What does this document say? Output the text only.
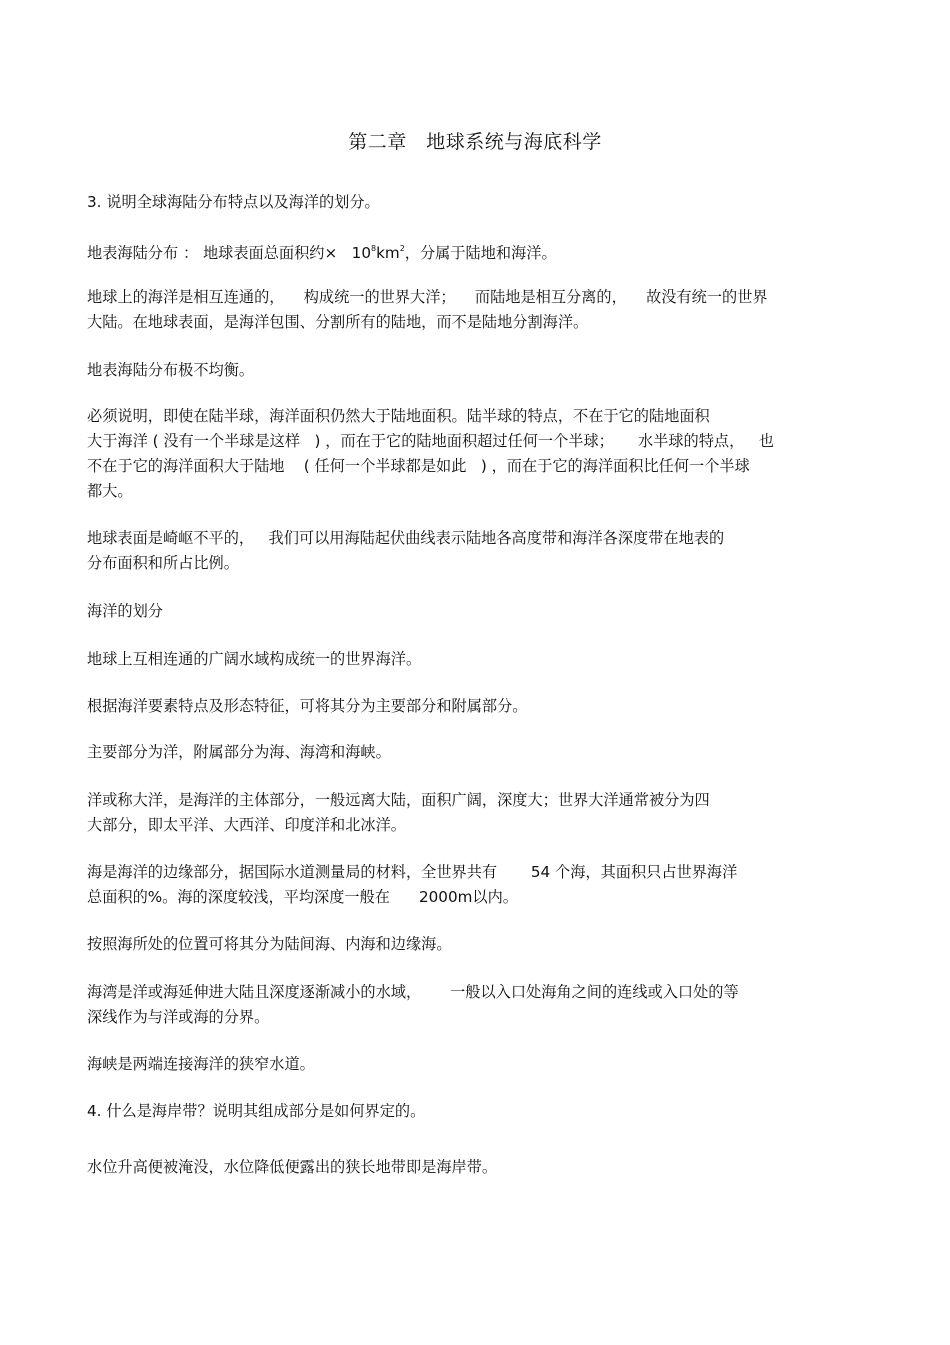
第二章   地球系统与海底科学
3. 说明全球海陆分布特点以及海洋的划分。
地表海陆分布 ： 地球表面总面积约×   $10^8km^2$，分属于陆地和海洋。
地球上的海洋是相互连通的，    构成统一的世界大洋；    而陆地是相互分离的，    故没有统一的世界
大陆。在地球表面，是海洋包围、分割所有的陆地，而不是陆地分割海洋。
地表海陆分布极不均衡。
必须说明，即使在陆半球，海洋面积仍然大于陆地面积。陆半球的特点，不在于它的陆地面积
大于海洋 ( 没有一个半球是这样   ) ，而在于它的陆地面积超过任何一个半球；     水半球的特点，   也
不在于它的海洋面积大于陆地    ( 任何一个半球都是如此   ) ，而在于它的海洋面积比任何一个半球
都大。
地球表面是崎岖不平的，   我们可以用海陆起伏曲线表示陆地各高度带和海洋各深度带在地表的
分布面积和所占比例。
海洋的划分
地球上互相连通的广阔水域构成统一的世界海洋。
根据海洋要素特点及形态特征，可将其分为主要部分和附属部分。
主要部分为洋，附属部分为海、海湾和海峡。
洋或称大洋，是海洋的主体部分，一般远离大陆，面积广阔，深度大；世界大洋通常被分为四
大部分，即太平洋、大西洋、印度洋和北冰洋。
海是海洋的边缘部分，据国际水道测量局的材料，全世界共有       54 个海，其面积只占世界海洋
总面积的%。海的深度较浅，平均深度一般在      2000m以内。
按照海所处的位置可将其分为陆间海、内海和边缘海。
海湾是洋或海延伸进大陆且深度逐渐减小的水域，      一般以入口处海角之间的连线或入口处的等
深线作为与洋或海的分界。
海峡是两端连接海洋的狭窄水道。
4. 什么是海岸带？说明其组成部分是如何界定的。
水位升高便被淹没，水位降低便露出的狭长地带即是海岸带。
